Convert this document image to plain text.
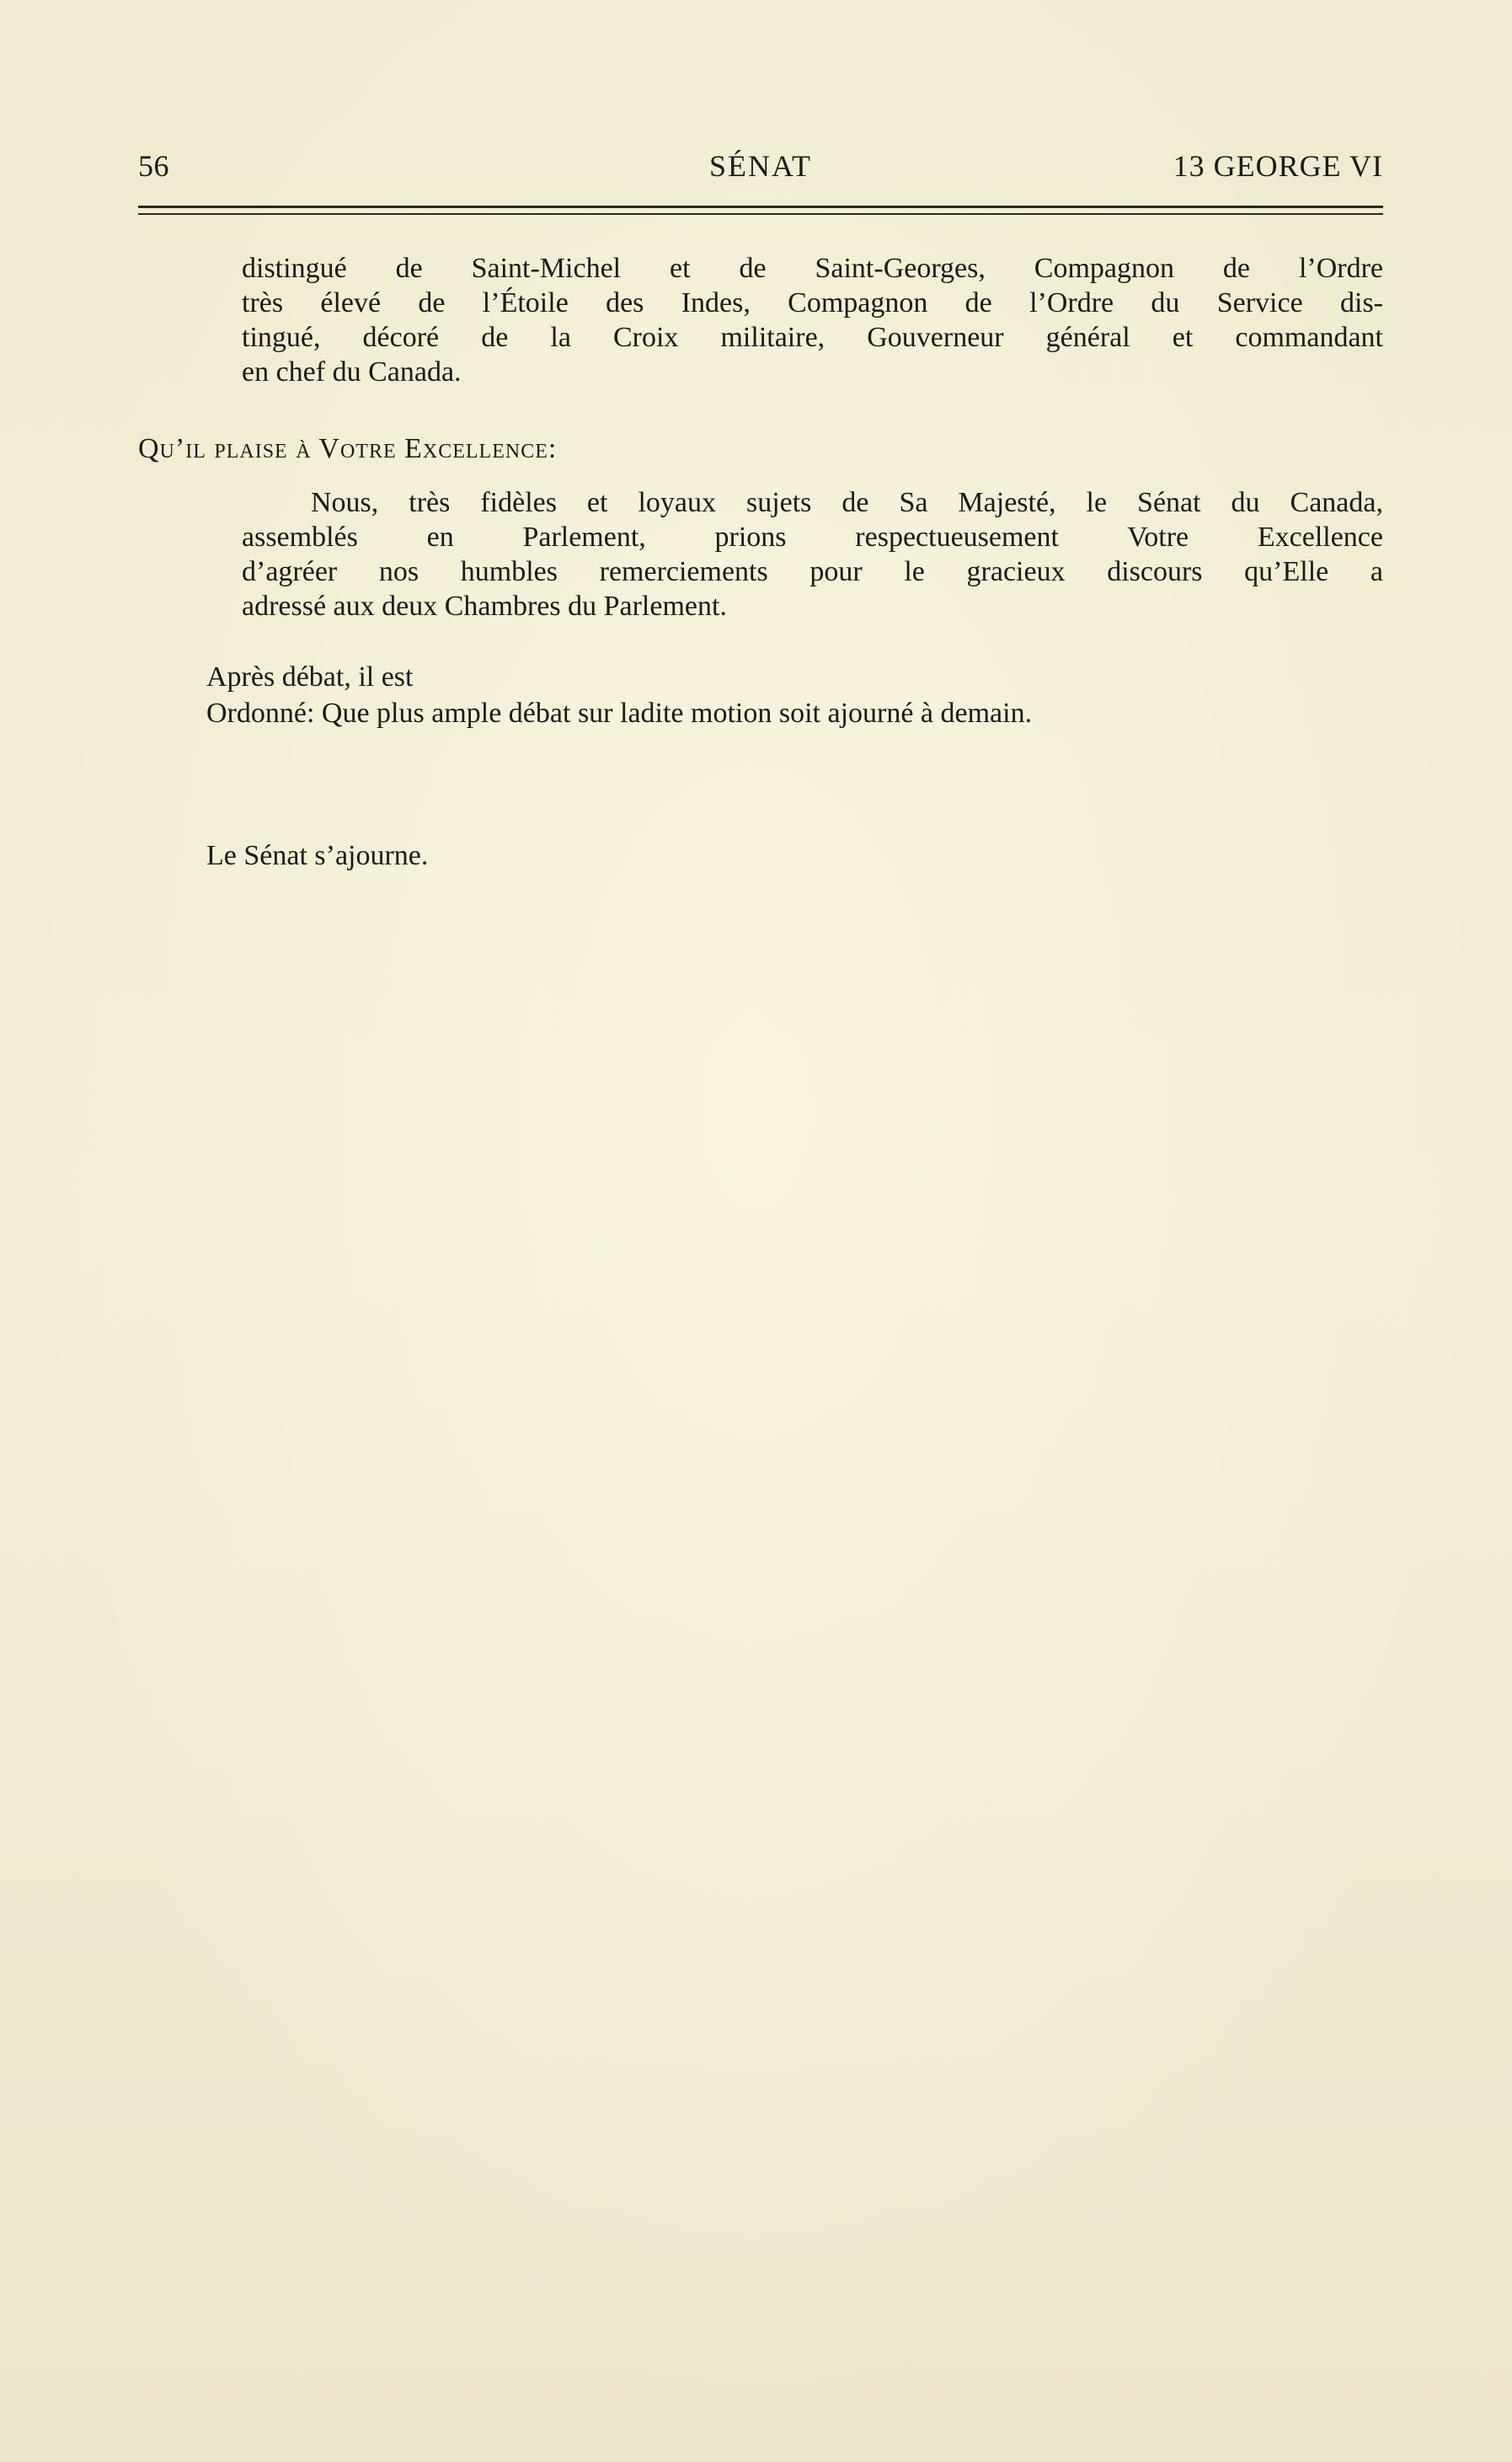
56	SÉNAT	13 GEORGE VI
distingué de Saint-Michel et de Saint-Georges, Compagnon de l’Ordre
très élevé de l’Étoile des Indes, Compagnon de l’Ordre du Service dis-
tingué, décoré de la Croix militaire, Gouverneur général et commandant
en chef du Canada.
Qu’il plaise à Votre Excellence:
Nous, très fidèles et loyaux sujets de Sa Majesté, le Sénat du Canada,
assemblés en Parlement, prions respectueusement Votre Excellence
d’agréer nos humbles remerciements pour le gracieux discours qu’Elle a
adressé aux deux Chambres du Parlement.
Après débat, il est
Ordonné: Que plus ample débat sur ladite motion soit ajourné à demain.
Le Sénat s’ajourne.
